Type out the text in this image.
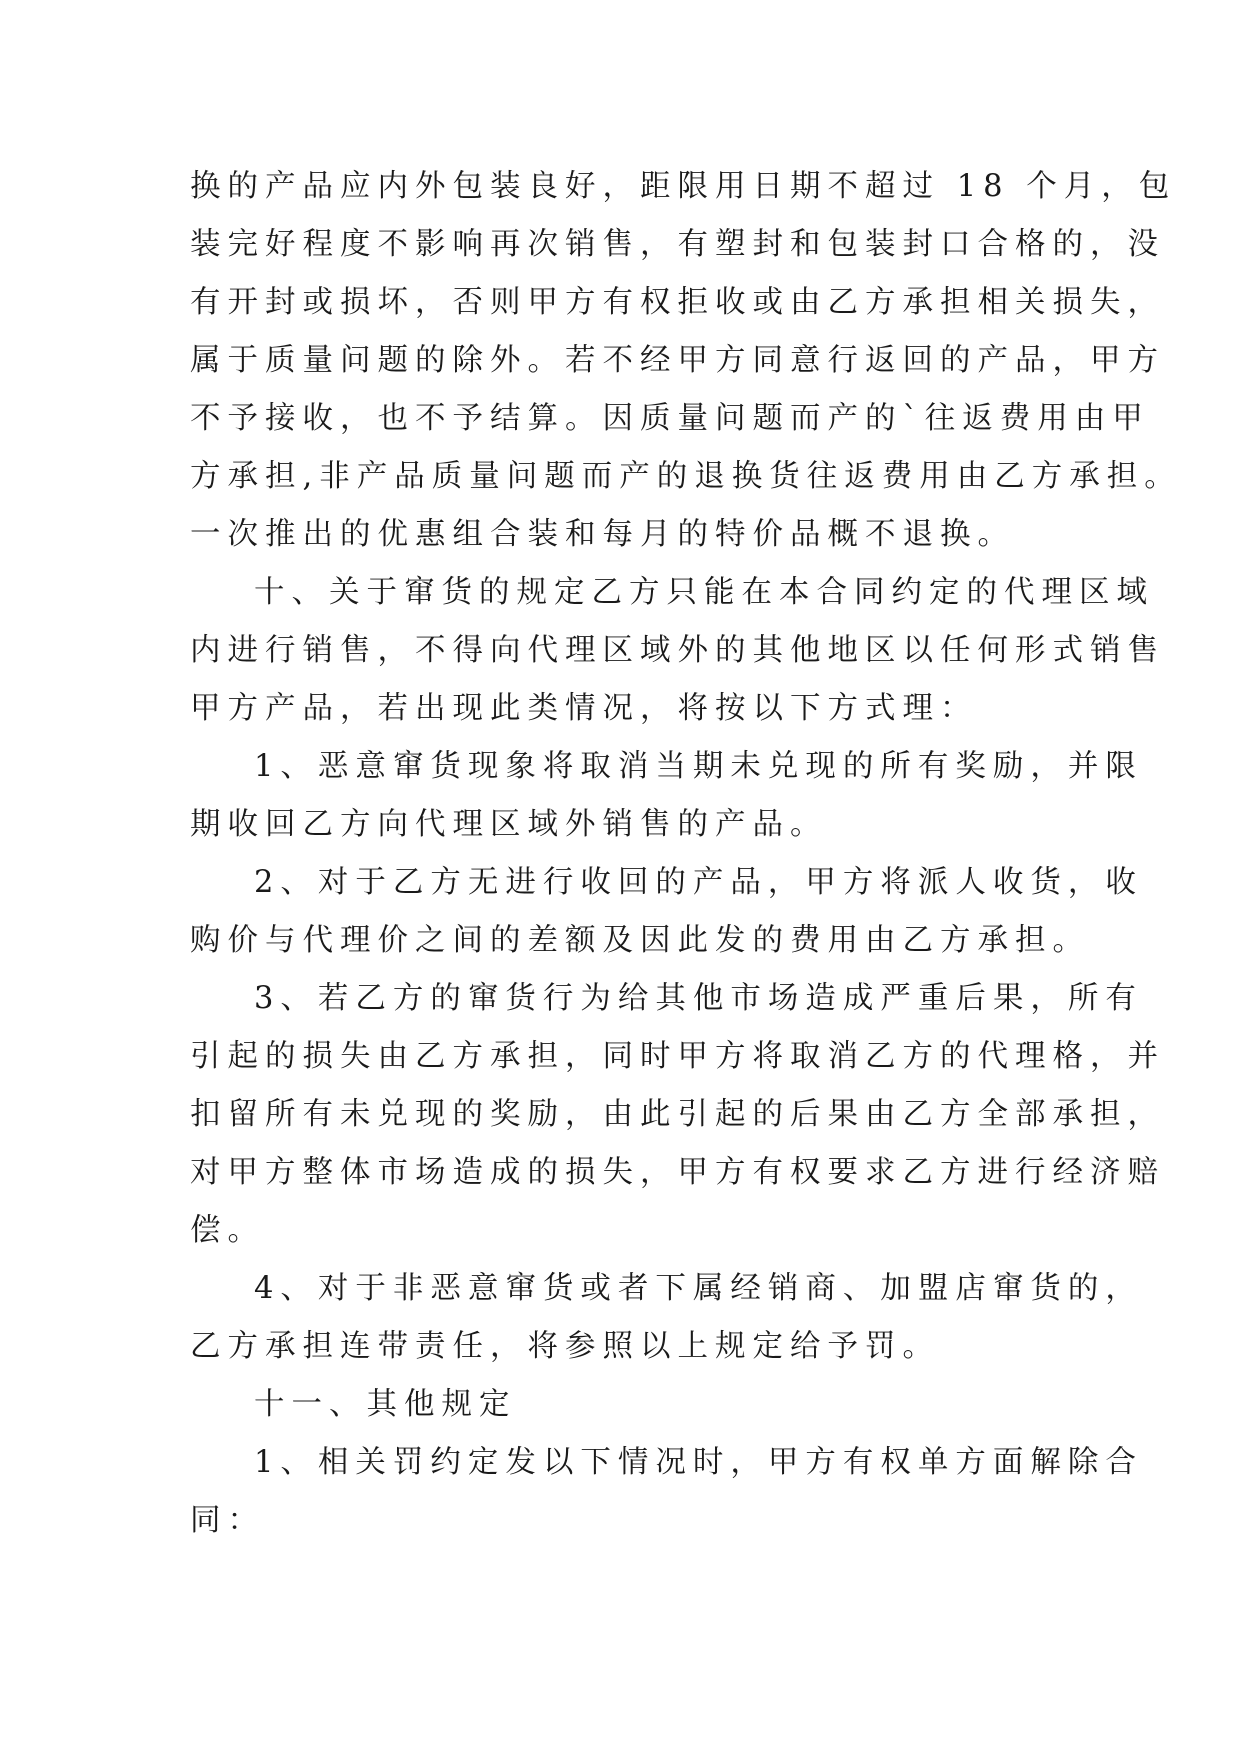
换的产品应内外包装良好，距限用日期不超过 18 个月，包
装完好程度不影响再次销售，有塑封和包装封口合格的，没
有开封或损坏，否则甲方有权拒收或由乙方承担相关损失，
属于质量问题的除外。若不经甲方同意行返回的产品，甲方
不予接收，也不予结算。因质量问题而产的`往返费用由甲
方承担,非产品质量问题而产的退换货往返费用由乙方承担。
一次推出的优惠组合装和每月的特价品概不退换。

十、关于窜货的规定乙方只能在本合同约定的代理区域
内进行销售，不得向代理区域外的其他地区以任何形式销售
甲方产品，若出现此类情况，将按以下方式理：

1、恶意窜货现象将取消当期未兑现的所有奖励，并限
期收回乙方向代理区域外销售的产品。

2、对于乙方无进行收回的产品，甲方将派人收货，收
购价与代理价之间的差额及因此发的费用由乙方承担。

3、若乙方的窜货行为给其他市场造成严重后果，所有
引起的损失由乙方承担，同时甲方将取消乙方的代理格，并
扣留所有未兑现的奖励，由此引起的后果由乙方全部承担，
对甲方整体市场造成的损失，甲方有权要求乙方进行经济赔
偿。

4、对于非恶意窜货或者下属经销商、加盟店窜货的，
乙方承担连带责任，将参照以上规定给予罚。

十一、其他规定

1、相关罚约定发以下情况时，甲方有权单方面解除合
同：
